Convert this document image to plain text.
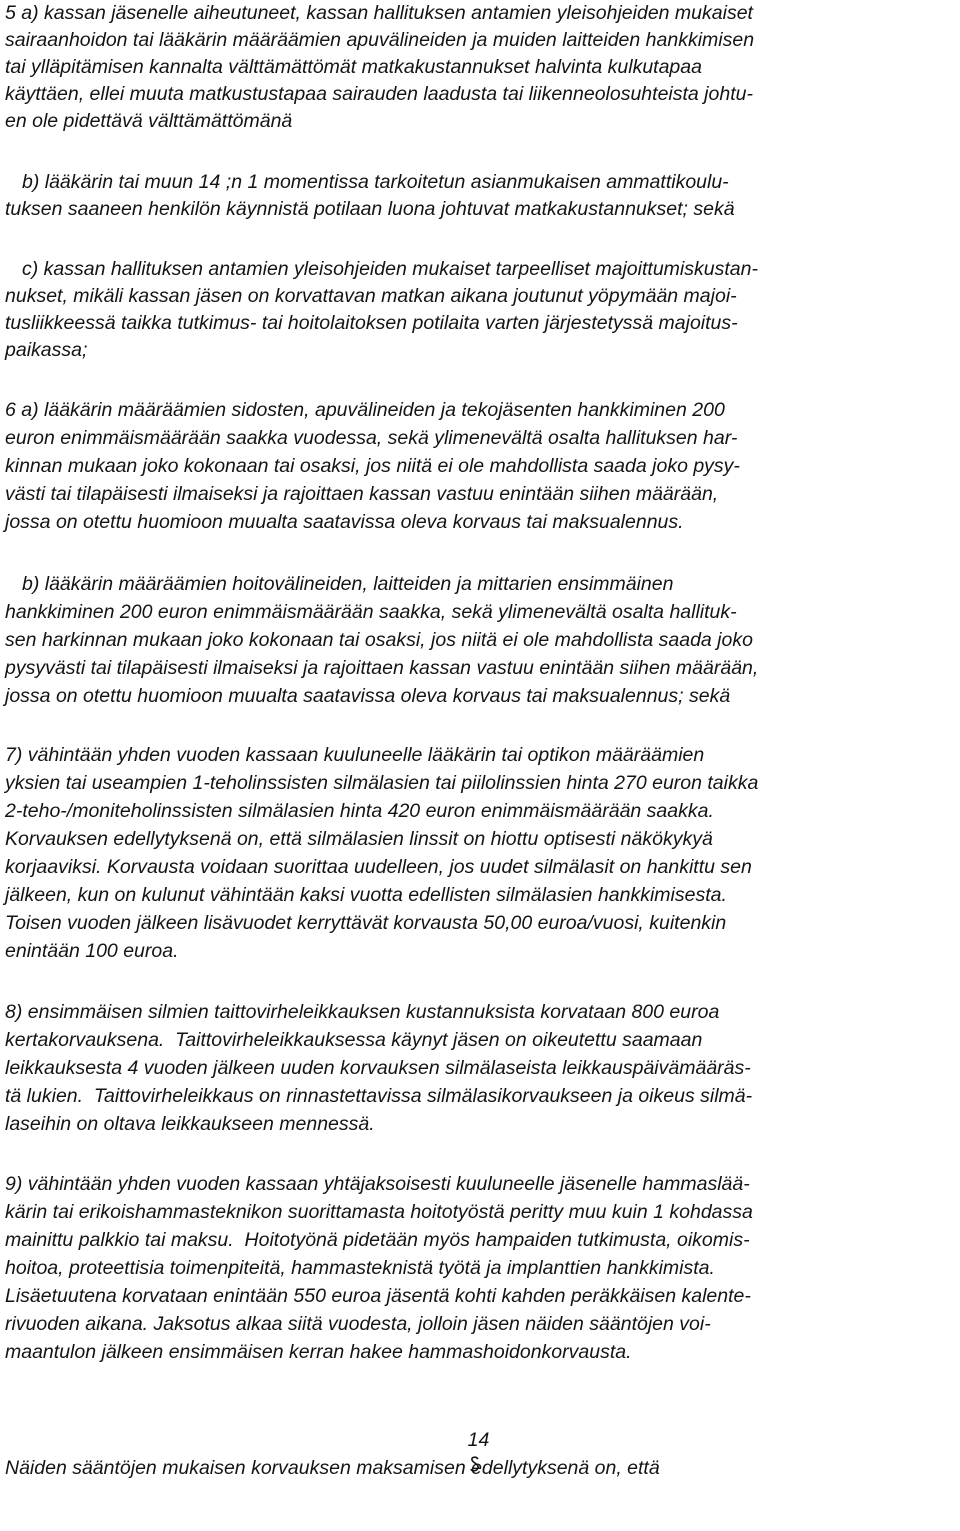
5 a) kassan jäsenelle aiheutuneet, kassan hallituksen antamien yleisohjeiden mukaiset
sairaanhoidon tai lääkärin määräämien apuvälineiden ja muiden laitteiden hankkimisen
tai ylläpitämisen kannalta välttämättömät matkakustannukset halvinta kulkutapaa
käyttäen, ellei muuta matkustustapaa sairauden laadusta tai liikenneolosuhteista johtu-
en ole pidettävä välttämättömänä
b) lääkärin tai muun 14 ;n 1 momentissa tarkoitetun asianmukaisen ammattikoulu-
tuksen saaneen henkilön käynnistä potilaan luona johtuvat matkakustannukset; sekä
c) kassan hallituksen antamien yleisohjeiden mukaiset tarpeelliset majoittumiskustan-
nukset, mikäli kassan jäsen on korvattavan matkan aikana joutunut yöpymään majoi-
tusliikkeessä taikka tutkimus- tai hoitolaitoksen potilaita varten järjestetyssä majoitus-
paikassa;
6 a) lääkärin määräämien sidosten, apuvälineiden ja tekojäsenten hankkiminen 200
euron enimmäismäärään saakka vuodessa, sekä ylimenevältä osalta hallituksen har-
kinnan mukaan joko kokonaan tai osaksi, jos niitä ei ole mahdollista saada joko pysy-
västi tai tilapäisesti ilmaiseksi ja rajoittaen kassan vastuu enintään siihen määrään,
jossa on otettu huomioon muualta saatavissa oleva korvaus tai maksualennus.
b) lääkärin määräämien hoitovälineiden, laitteiden ja mittarien ensimmäinen
hankkiminen 200 euron enimmäismäärään saakka, sekä ylimenevältä osalta hallituk-
sen harkinnan mukaan joko kokonaan tai osaksi, jos niitä ei ole mahdollista saada joko
pysyvästi tai tilapäisesti ilmaiseksi ja rajoittaen kassan vastuu enintään siihen määrään,
jossa on otettu huomioon muualta saatavissa oleva korvaus tai maksualennus; sekä
7) vähintään yhden vuoden kassaan kuuluneelle lääkärin tai optikon määräämien
yksien tai useampien 1-teholinssisten silmälasien tai piilolinssien hinta 270 euron taikka
2-teho-/moniteholinssisten silmälasien hinta 420 euron enimmäismäärään saakka.
Korvauksen edellytyksenä on, että silmälasien linssit on hiottu optisesti näkökykyä
korjaaviksi. Korvausta voidaan suorittaa uudelleen, jos uudet silmälasit on hankittu sen
jälkeen, kun on kulunut vähintään kaksi vuotta edellisten silmälasien hankkimisesta.
Toisen vuoden jälkeen lisävuodet kerryttävät korvausta 50,00 euroa/vuosi, kuitenkin
enintään 100 euroa.
8) ensimmäisen silmien taittovirheleikkauksen kustannuksista korvataan 800 euroa
kertakorvauksena.  Taittovirheleikkauksessa käynyt jäsen on oikeutettu saamaan
leikkauksesta 4 vuoden jälkeen uuden korvauksen silmälaseista leikkauspäivämääräs-
tä lukien.  Taittovirheleikkaus on rinnastettavissa silmälasikorvaukseen ja oikeus silmä-
laseihin on oltava leikkaukseen mennessä.
9) vähintään yhden vuoden kassaan yhtäjaksoisesti kuuluneelle jäsenelle hammaslää-
kärin tai erikoishammasteknikon suorittamasta hoitotyöstä peritty muu kuin 1 kohdassa
mainittu palkkio tai maksu.  Hoitotyönä pidetään myös hampaiden tutkimusta, oikomis-
hoitoa, proteettisia toimenpiteitä, hammasteknistä työtä ja implanttien hankkimista.
Lisäetuutena korvataan enintään 550 euroa jäsentä kohti kahden peräkkäisen kalente-
rivuoden aikana. Jaksotus alkaa siitä vuodesta, jolloin jäsen näiden sääntöjen voi-
maantulon jälkeen ensimmäisen kerran hakee hammashoidonkorvausta.

14

Näiden sääntöjen mukaisen korvauksen maksamisen edellytyksenä on, että
